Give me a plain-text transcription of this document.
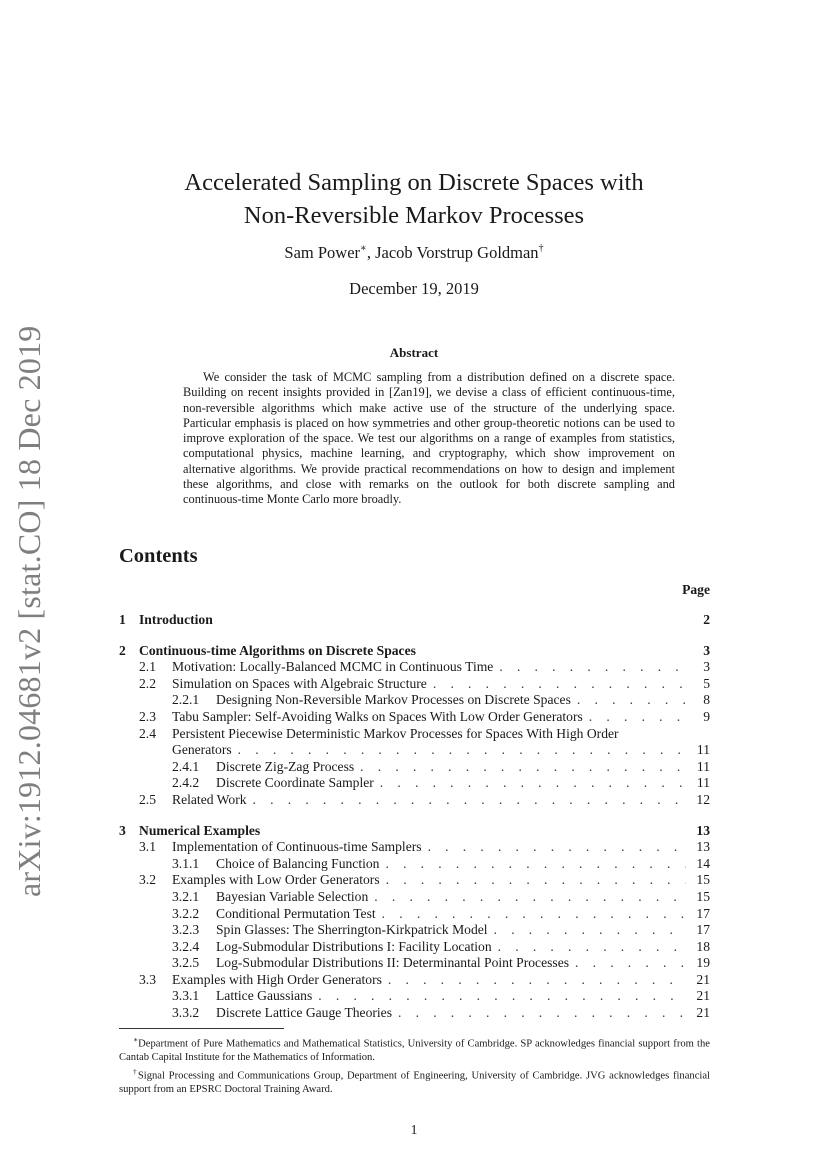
arXiv:1912.04681v2 [stat.CO] 18 Dec 2019
Accelerated Sampling on Discrete Spaces with
Non-Reversible Markov Processes
Sam Power∗, Jacob Vorstrup Goldman†
December 19, 2019
Abstract

We consider the task of MCMC sampling from a distribution defined on a discrete space. Building on recent insights provided in [Zan19], we devise a class of efficient continuous-time, non-reversible algorithms which make active use of the structure of the underlying space. Particular emphasis is placed on how symmetries and other group-theoretic notions can be used to improve exploration of the space. We test our algorithms on a range of examples from statistics, computational physics, machine learning, and cryptography, which show improvement on alternative algorithms. We provide practical recommendations on how to design and implement these algorithms, and close with remarks on the outlook for both discrete sampling and continuous-time Monte Carlo more broadly.

Contents
Page
1 Introduction	2
2 Continuous-time Algorithms on Discrete Spaces	3
2.1	Motivation: Locally-Balanced MCMC in Continuous Time . . .	3
2.2	Simulation on Spaces with Algebraic Structure . . .	5
2.2.1	Designing Non-Reversible Markov Processes on Discrete Spaces . . .	8
2.3	Tabu Sampler: Self-Avoiding Walks on Spaces With Low Order Generators . . .	9
2.4	Persistent Piecewise Deterministic Markov Processes for Spaces With High Order
Generators . . .	11
2.4.1	Discrete Zig-Zag Process . . .	11
2.4.2	Discrete Coordinate Sampler . . .	11
2.5	Related Work . . .	12
3 Numerical Examples	13
3.1	Implementation of Continuous-time Samplers . . .	13
3.1.1	Choice of Balancing Function . . .	14
3.2	Examples with Low Order Generators . . .	15
3.2.1	Bayesian Variable Selection . . .	15
3.2.2	Conditional Permutation Test . . .	17
3.2.3	Spin Glasses: The Sherrington-Kirkpatrick Model . . .	17
3.2.4	Log-Submodular Distributions I: Facility Location . . .	18
3.2.5	Log-Submodular Distributions II: Determinantal Point Processes . . .	19
3.3	Examples with High Order Generators . . .	21
3.3.1	Lattice Gaussians . . .	21
3.3.2	Discrete Lattice Gauge Theories . . .	21

∗Department of Pure Mathematics and Mathematical Statistics, University of Cambridge. SP acknowledges financial support from the Cantab Capital Institute for the Mathematics of Information.

†Signal Processing and Communications Group, Department of Engineering, University of Cambridge. JVG acknowledges financial support from an EPSRC Doctoral Training Award.

1
